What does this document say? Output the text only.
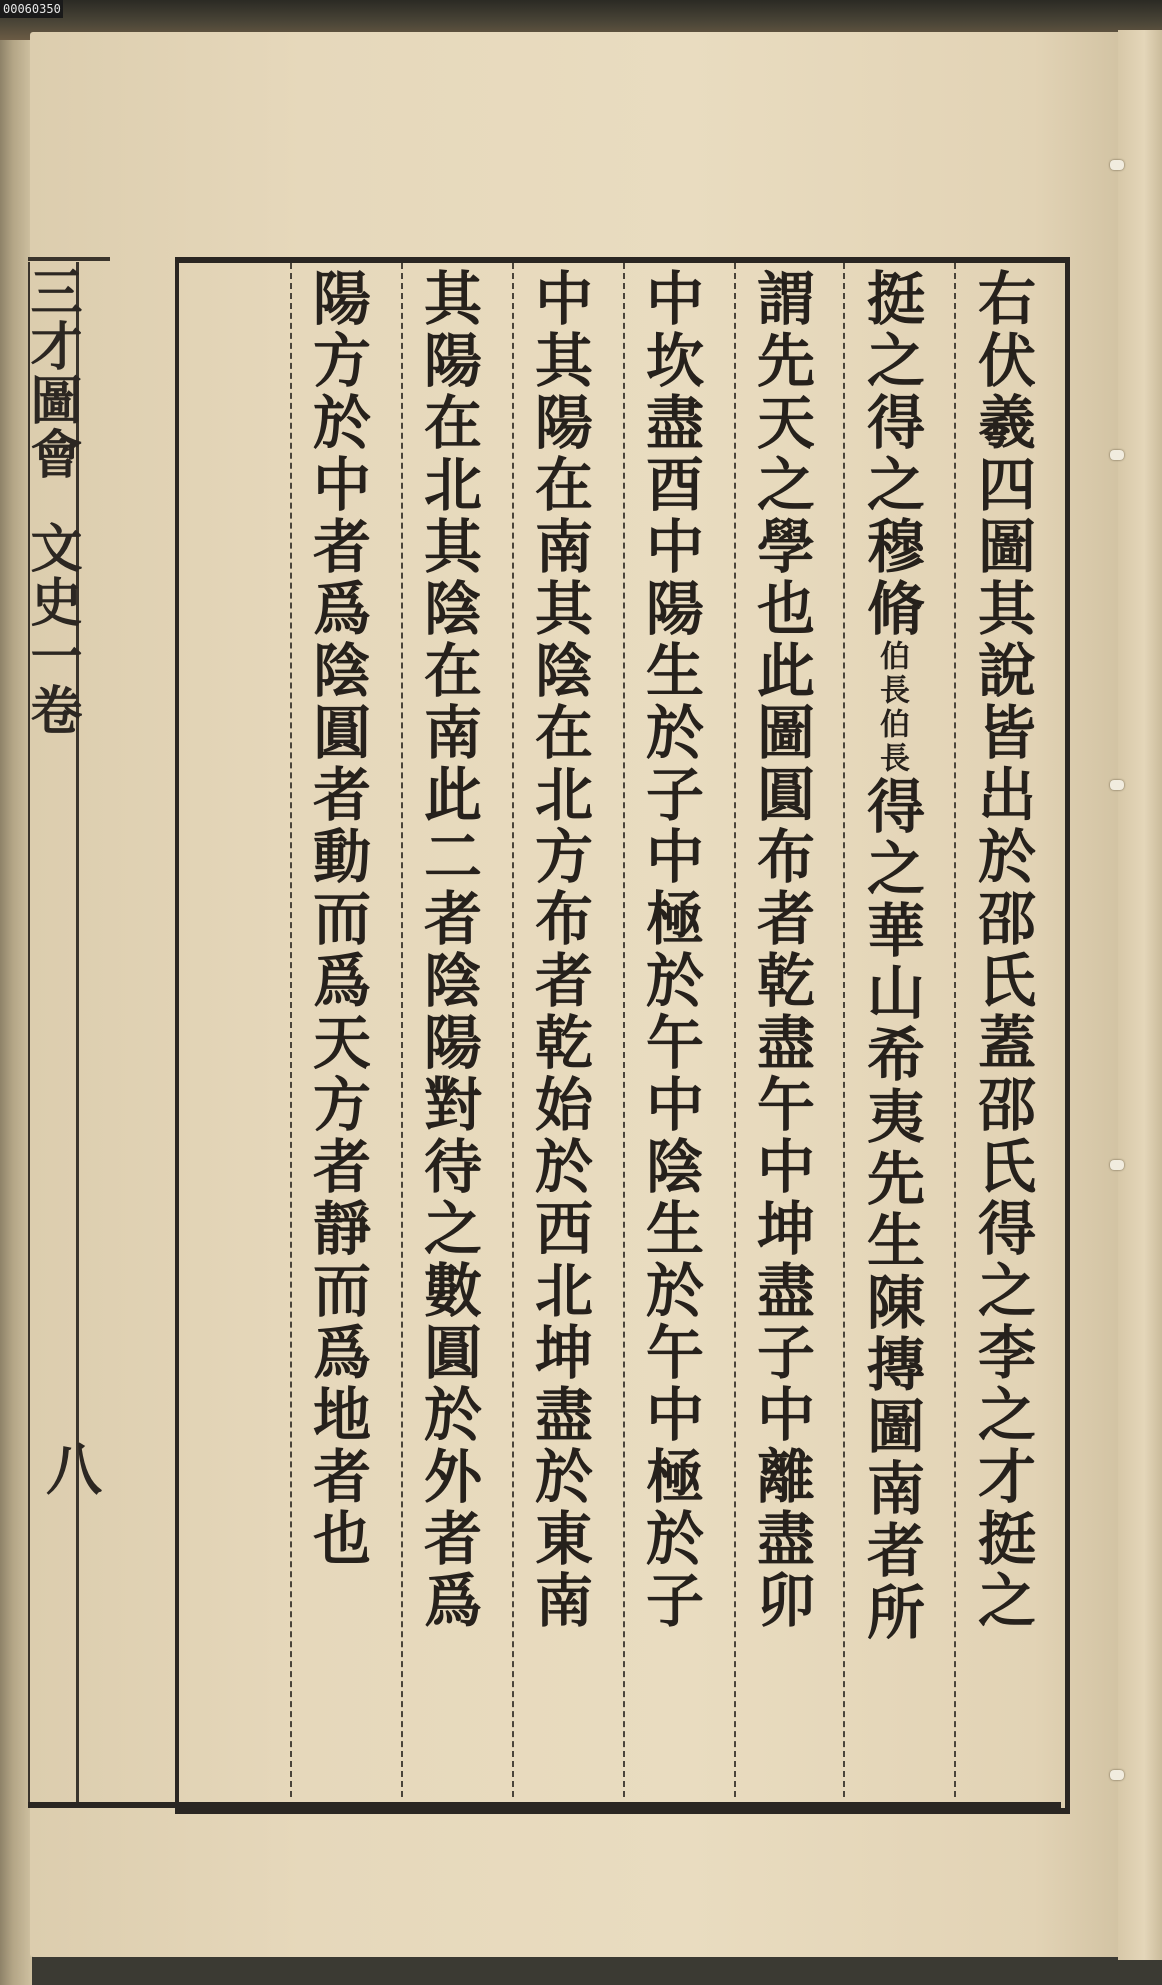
00060350
三才圖會文史一卷
八	右伏羲四圖其說皆出於邵氏蓋邵氏得之李之才挺之
挺之得之穆脩伯長伯長得之華山希夷先生陳摶圖南者所
謂先天之學也此圖圓布者乾盡午中坤盡子中離盡卯
中坎盡酉中陽生於子中極於午中陰生於午中極於子
中其陽在南其陰在北方布者乾始於西北坤盡於東南
其陽在北其陰在南此二者陰陽對待之數圓於外者爲
陽方於中者爲陰圓者動而爲天方者靜而爲地者也
